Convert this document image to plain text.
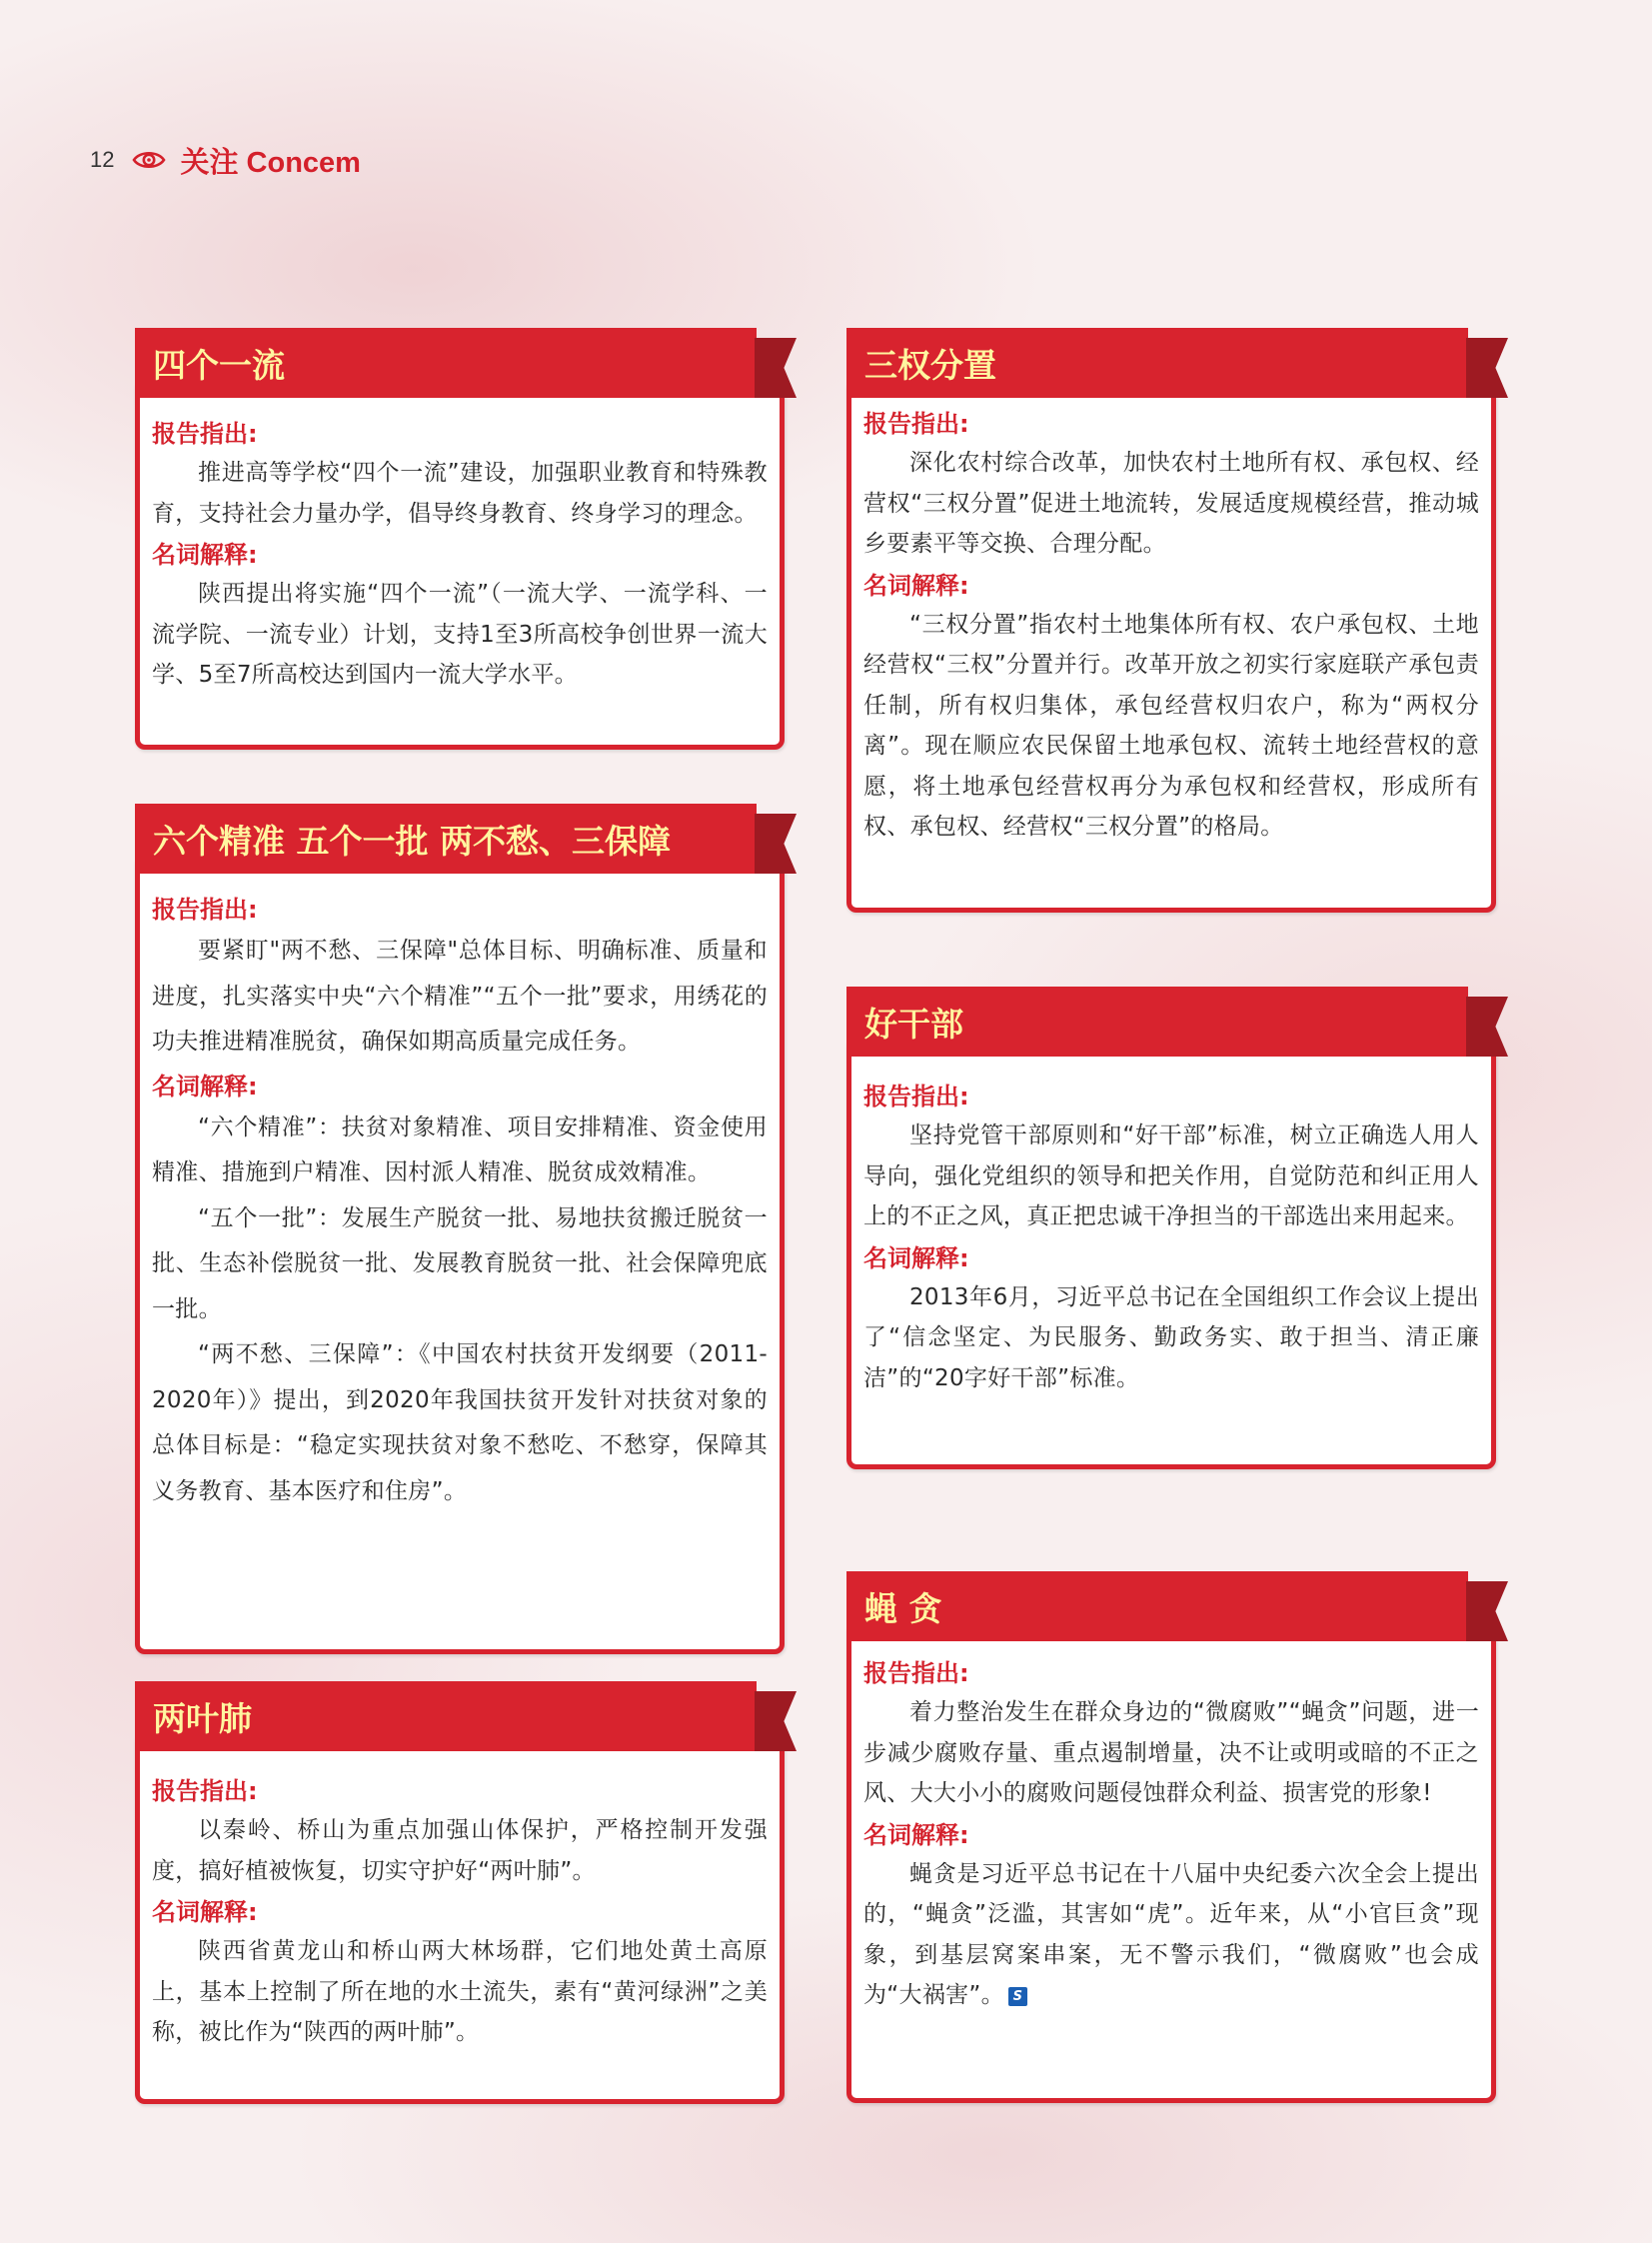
12 关注 Concem
四个一流
报告指出:

推进高等学校“四个一流”建设，加强职业教育和特殊教育，支持社会力量办学，倡导终身教育、终身学习的理念。

名词解释:

陕西提出将实施“四个一流”（一流大学、一流学科、一流学院、一流专业）计划，支持1至3所高校争创世界一流大学、5至7所高校达到国内一流大学水平。

六个精准 五个一批 两不愁、三保障
报告指出:

要紧盯"两不愁、三保障"总体目标、明确标准、质量和进度，扎实落实中央“六个精准”“五个一批”要求，用绣花的功夫推进精准脱贫，确保如期高质量完成任务。

名词解释:

“六个精准”：扶贫对象精准、项目安排精准、资金使用精准、措施到户精准、因村派人精准、脱贫成效精准。

“五个一批”：发展生产脱贫一批、易地扶贫搬迁脱贫一批、生态补偿脱贫一批、发展教育脱贫一批、社会保障兜底一批。

“两不愁、三保障”：《中国农村扶贫开发纲要（2011-2020年）》提出，到2020年我国扶贫开发针对扶贫对象的总体目标是：“稳定实现扶贫对象不愁吃、不愁穿，保障其义务教育、基本医疗和住房”。

两叶肺
报告指出:

以秦岭、桥山为重点加强山体保护，严格控制开发强度，搞好植被恢复，切实守护好“两叶肺”。

名词解释:

陕西省黄龙山和桥山两大林场群，它们地处黄土高原上，基本上控制了所在地的水土流失，素有“黄河绿洲”之美称，被比作为“陕西的两叶肺”。

三权分置
报告指出:

深化农村综合改革，加快农村土地所有权、承包权、经营权“三权分置”促进土地流转，发展适度规模经营，推动城乡要素平等交换、合理分配。

名词解释:

“三权分置”指农村土地集体所有权、农户承包权、土地经营权“三权”分置并行。改革开放之初实行家庭联产承包责任制，所有权归集体，承包经营权归农户，称为“两权分离”。现在顺应农民保留土地承包权、流转土地经营权的意愿，将土地承包经营权再分为承包权和经营权，形成所有权、承包权、经营权“三权分置”的格局。

好干部
报告指出:

坚持党管干部原则和“好干部”标准，树立正确选人用人导向，强化党组织的领导和把关作用，自觉防范和纠正用人上的不正之风，真正把忠诚干净担当的干部选出来用起来。

名词解释:

2013年6月，习近平总书记在全国组织工作会议上提出了“信念坚定、为民服务、勤政务实、敢于担当、清正廉洁”的“20字好干部”标准。

蝇 贪
报告指出:

着力整治发生在群众身边的“微腐败”“蝇贪”问题，进一步减少腐败存量、重点遏制增量，决不让或明或暗的不正之风、大大小小的腐败问题侵蚀群众利益、损害党的形象!

名词解释:

蝇贪是习近平总书记在十八届中央纪委六次全会上提出的，“蝇贪”泛滥，其害如“虎”。近年来，从“小官巨贪”现象，到基层窝案串案，无不警示我们，“微腐败”也会成为“大祸害”。 S
